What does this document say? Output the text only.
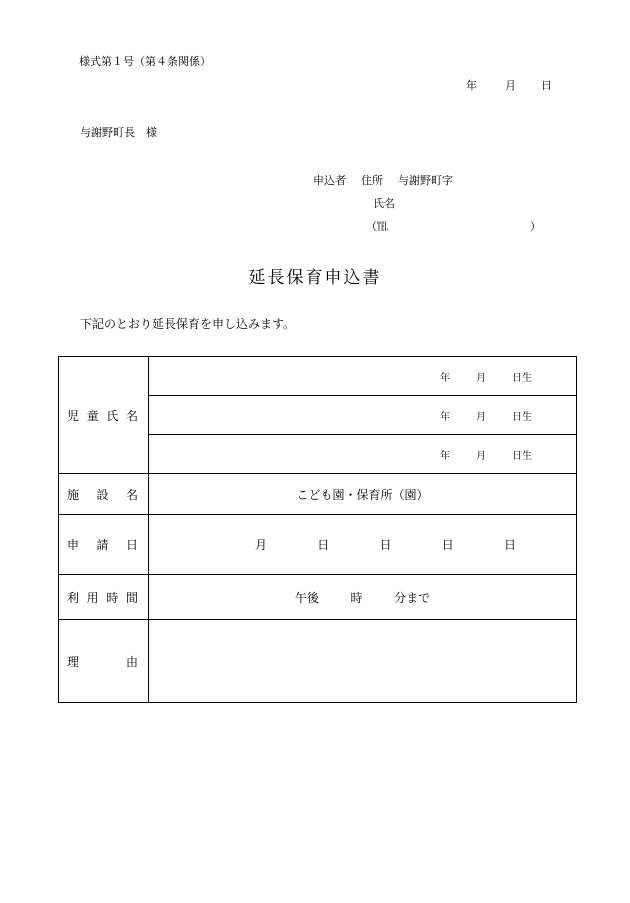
様式第１号（第４条関係）
年	月 日
与謝野町長　様
申込者 住所 与謝野町字
氏名
（℡	）
延長保育申込書
下記のとおり延長保育を申し込みます。
児 童 氏 名	年 月 日生

	年 月 日生

	年 月 日生

施 設 名	こども園・保育所（園）

申 請 日	月 日 日 日 日

利 用 時 間	午後 時 分まで

理 由	
